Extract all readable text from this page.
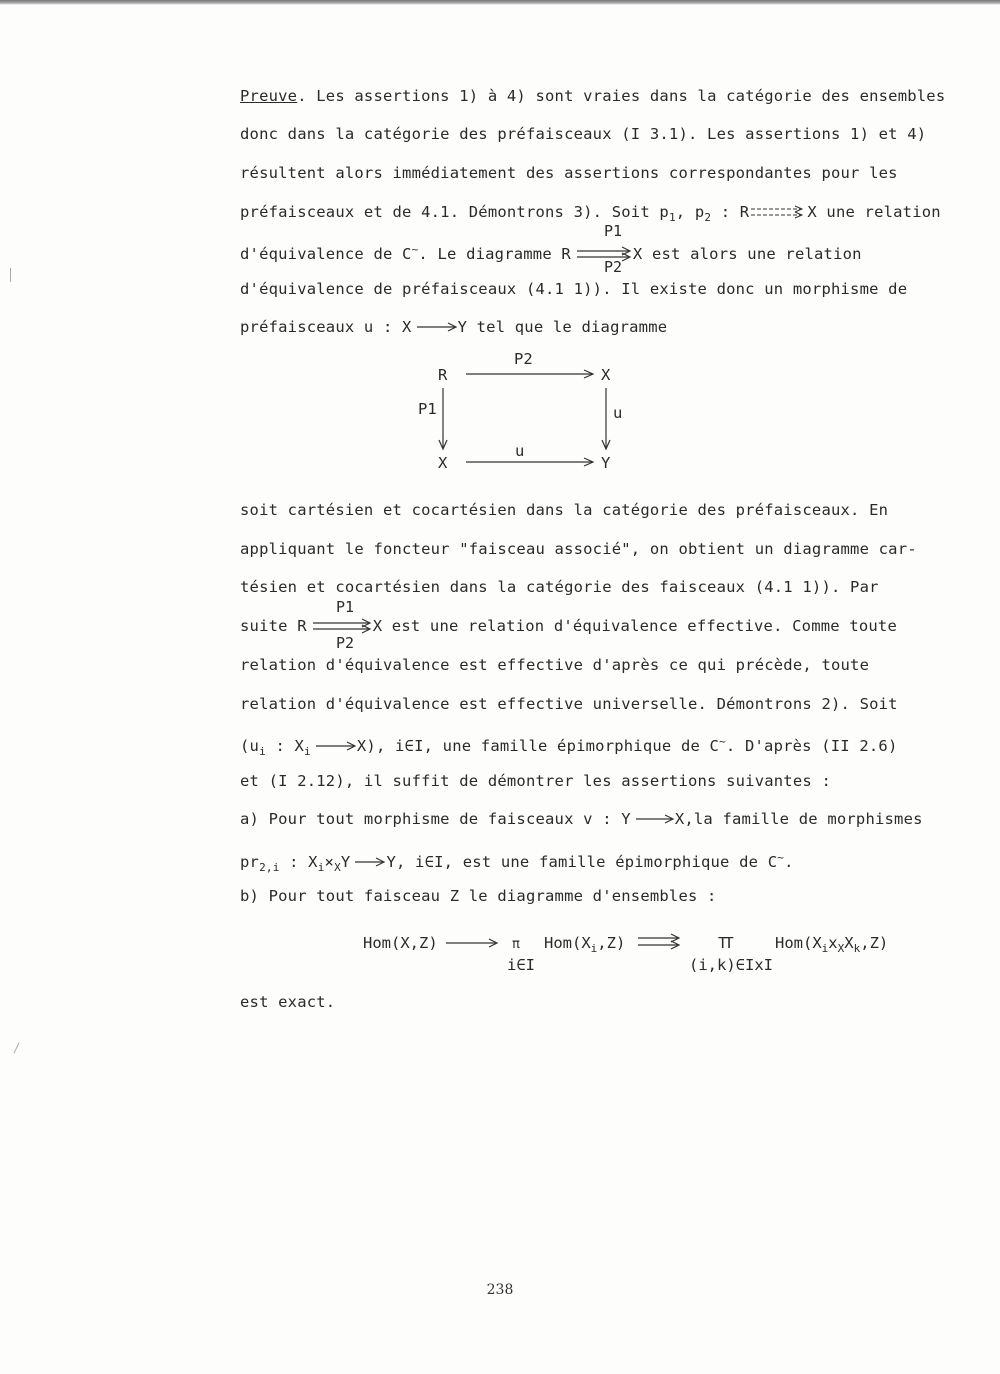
Preuve. Les assertions 1) à 4) sont vraies dans la catégorie des ensembles
donc dans la catégorie des préfaisceaux (I 3.1). Les assertions 1) et 4)
résultent alors immédiatement des assertions correspondantes pour les
préfaisceaux et de 4.1. Démontrons 3). Soit $p_1$, $p_2$ : R	X une relation
P1
d'équivalence de C~. Le diagramme R	X est alors une relation
P2
d'équivalence de préfaisceaux (4.1 1)). Il existe donc un morphisme de
préfaisceaux u : X	Y tel que le diagramme
P2
R	X
P1	u
u
X	Y
soit cartésien et cocartésien dans la catégorie des préfaisceaux. En
appliquant le foncteur "faisceau associé", on obtient un diagramme car-
tésien et cocartésien dans la catégorie des faisceaux (4.1 1)). Par
P1
suite R	X est une relation d'équivalence effective. Comme toute
P2
relation d'équivalence est effective d'après ce qui précède, toute
relation d'équivalence est effective universelle. Démontrons 2). Soit
($u_i$ : $X_i$	X), i∈I, une famille épimorphique de C~. D'après (II 2.6)
et (I 2.12), il suffit de démontrer les assertions suivantes :
a) Pour tout morphisme de faisceaux v : Y	X,la famille de morphismes
$pr_{2,i}$ : $X_i\times_XY$ Y, i∈I, est une famille épimorphique de C~.
b) Pour tout faisceau Z le diagramme d'ensembles :
Hom(X,Z)	π
i∈I
$Hom(X_i,Z)$	TT
(i,k)∈IxI
$Hom(X_ix_XX_k,Z)$
est exact.
238
